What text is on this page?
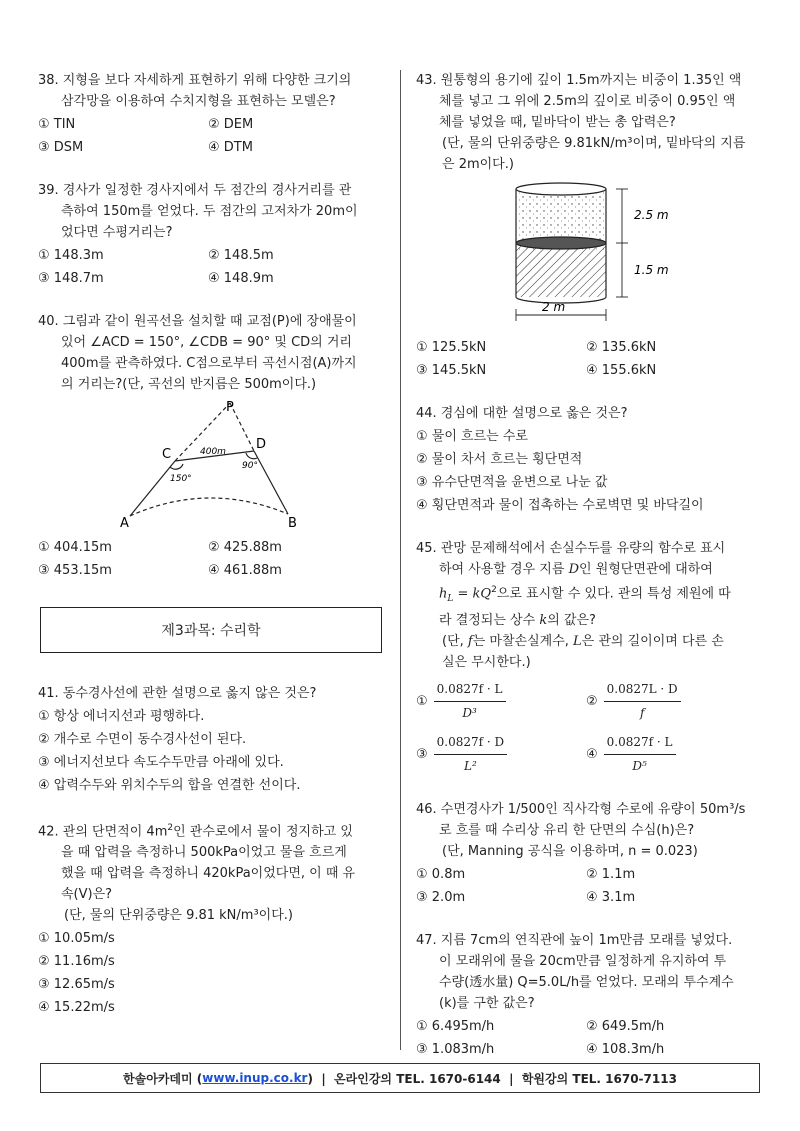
38. 지형을 보다 자세하게 표현하기 위해 다양한 크기의
삼각망을 이용하여 수치지형을 표현하는 모델은?
① TIN	② DEM
③ DSM	④ DTM
39. 경사가 일정한 경사지에서 두 점간의 경사거리를 관
측하여 150m를 얻었다. 두 점간의 고저차가 20m이
었다면 수평거리는?
① 148.3m	② 148.5m
③ 148.7m	④ 148.9m
40. 그림과 같이 원곡선을 설치할 때 교점(P)에 장애물이
있어 ∠ACD = 150°, ∠CDB = 90° 및 CD의 거리
400m를 관측하였다. C점으로부터 곡선시점(A)까지
의 거리는?(단, 곡선의 반지름은 500m이다.)
P
C
D
A	B
400m
150°
90°
① 404.15m	② 425.88m
③ 453.15m	④ 461.88m
제3과목: 수리학
41. 동수경사선에 관한 설명으로 옳지 않은 것은?
① 항상 에너지선과 평행하다.
② 개수로 수면이 동수경사선이 된다.
③ 에너지선보다 속도수두만큼 아래에 있다.
④ 압력수두와 위치수두의 합을 연결한 선이다.
42. 관의 단면적이 $4m^2$인 관수로에서 물이 정지하고 있
을 때 압력을 측정하니 500kPa이었고 물을 흐르게
했을 때 압력을 측정하니 420kPa이었다면, 이 때 유
속(V)은?
(단, 물의 단위중량은 9.81 kN/m³이다.)
① 10.05m/s
② 11.16m/s
③ 12.65m/s
④ 15.22m/s
43. 원통형의 용기에 깊이 1.5m까지는 비중이 1.35인 액
체를 넣고 그 위에 2.5m의 깊이로 비중이 0.95인 액
체를 넣었을 때, 밑바닥이 받는 총 압력은?
(단, 물의 단위중량은 9.81kN/m³이며, 밑바닥의 지름
은 2m이다.)
2.5 m
1.5 m
2 m
① 125.5kN	② 135.6kN
③ 145.5kN	④ 155.6kN
44. 경심에 대한 설명으로 옳은 것은?
① 물이 흐르는 수로
② 물이 차서 흐르는 횡단면적
③ 유수단면적을 윤변으로 나눈 값
④ 횡단면적과 물이 접촉하는 수로벽면 및 바닥길이
45. 관망 문제해석에서 손실수두를 유량의 함수로 표시
하여 사용할 경우 지름 D인 원형단면관에 대하여
$h_L = kQ^2$으로 표시할 수 있다. 관의 특성 제원에 따
라 결정되는 상수 k의 값은?
(단, f는 마찰손실계수, L은 관의 길이이며 다른 손
실은 무시한다.)
① $\frac{0.0827f \cdot L}{\text{D³}}$	② $\frac{0.0827L \cdot D}{f}$
③ $\frac{0.0827f \cdot D}{\text{L²}}$	④ $\frac{0.0827f \cdot L}{\text{D⁵}}$
46. 수면경사가 1/500인 직사각형 수로에 유량이 50m³/s
로 흐를 때 수리상 유리 한 단면의 수심(h)은?
(단, Manning 공식을 이용하며, n = 0.023)
① 0.8m	② 1.1m
③ 2.0m	④ 3.1m
47. 지름 7cm의 연직관에 높이 1m만큼 모래를 넣었다.
이 모래위에 물을 20cm만큼 일정하게 유지하여 투
수량(透水量) Q=5.0L/h를 얻었다. 모래의 투수계수
(k)를 구한 값은?
① 6.495m/h	② 649.5m/h
③ 1.083m/h	④ 108.3m/h
한솔아카데미 ( www.inup.co.kr )  |  온라인강의 TEL. 1670-6144  |  학원강의 TEL. 1670-7113
